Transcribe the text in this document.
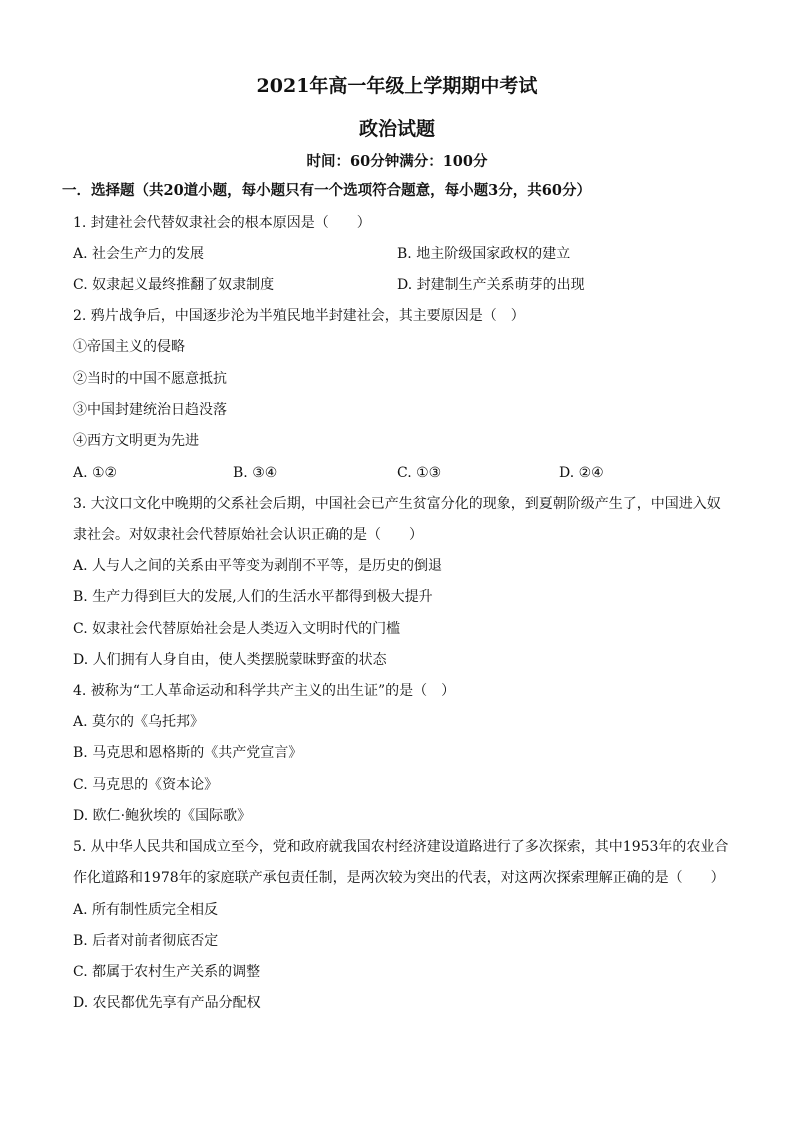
2021年高一年级上学期期中考试
政治试题
时间：60分钟满分：100分
一．选择题（共20道小题，每小题只有一个选项符合题意，每小题3分，共60分）
1. 封建社会代替奴隶社会的根本原因是（　　）
A. 社会生产力的发展	B. 地主阶级国家政权的建立
C. 奴隶起义最终推翻了奴隶制度	D. 封建制生产关系萌芽的出现
2. 鸦片战争后，中国逐步沦为半殖民地半封建社会，其主要原因是（　）
①帝国主义的侵略
②当时的中国不愿意抵抗
③中国封建统治日趋没落
④西方文明更为先进
A. ①②	B. ③④	C. ①③	D. ②④
3. 大汶口文化中晚期的父系社会后期，中国社会已产生贫富分化的现象，到夏朝阶级产生了，中国进入奴
隶社会。对奴隶社会代替原始社会认识正确的是（　　）
A. 人与人之间的关系由平等变为剥削不平等，是历史的倒退
B. 生产力得到巨大的发展,人们的生活水平都得到极大提升
C. 奴隶社会代替原始社会是人类迈入文明时代的门槛
D. 人们拥有人身自由，使人类摆脱蒙昧野蛮的状态
4. 被称为“工人革命运动和科学共产主义的出生证”的是（　）
A. 莫尔的《乌托邦》
B. 马克思和恩格斯的《共产党宣言》
C. 马克思的《资本论》
D. 欧仁·鲍狄埃的《国际歌》
5. 从中华人民共和国成立至今，党和政府就我国农村经济建设道路进行了多次探索，其中1953年的农业合
作化道路和1978年的家庭联产承包责任制，是两次较为突出的代表，对这两次探索理解正确的是（　　）
A. 所有制性质完全相反
B. 后者对前者彻底否定
C. 都属于农村生产关系的调整
D. 农民都优先享有产品分配权
